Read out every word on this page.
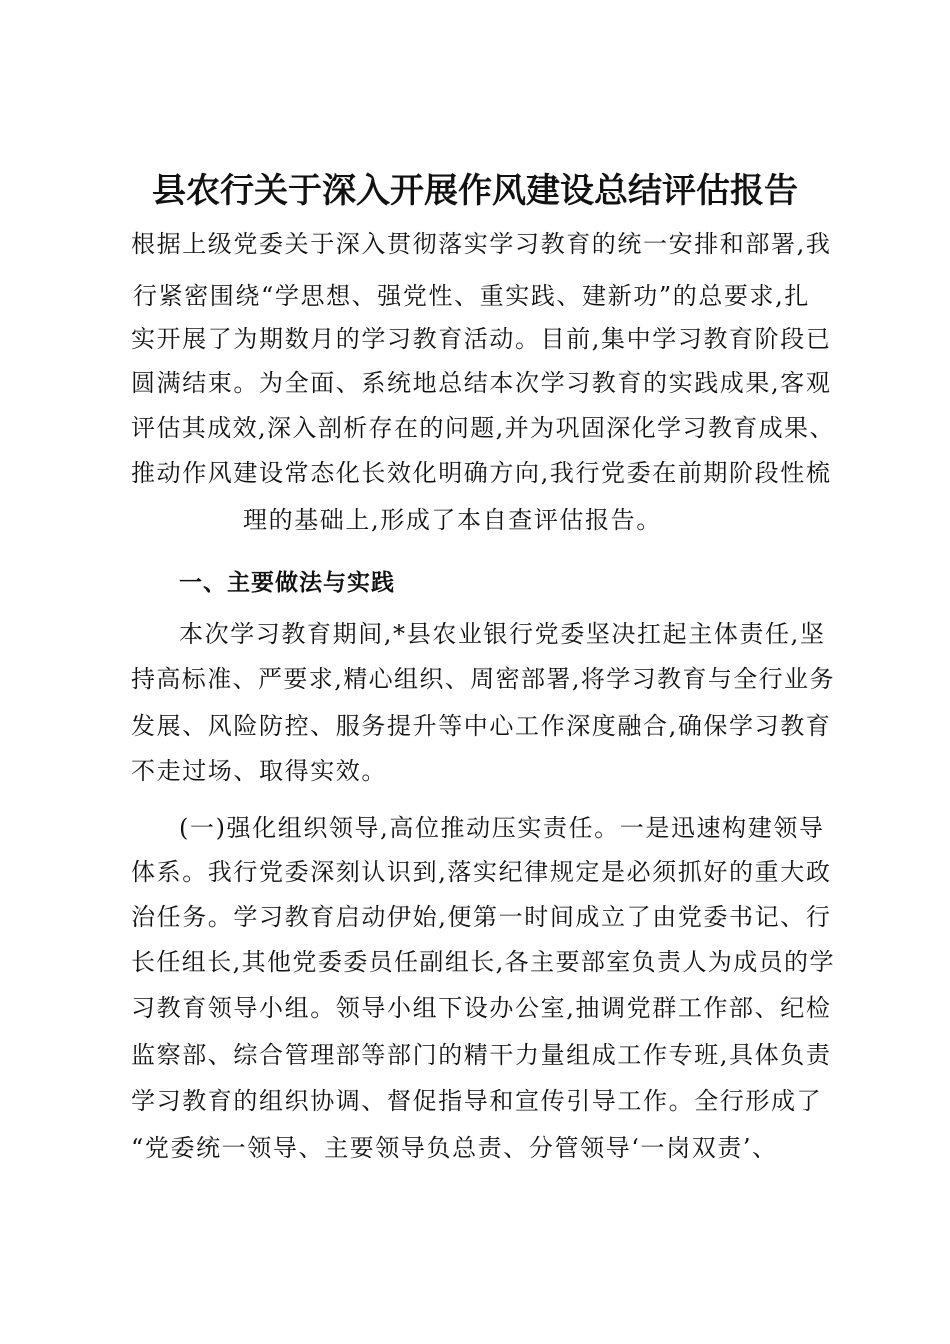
县农行关于深入开展作风建设总结评估报告

根据上级党委关于深入贯彻落实学习教育的统一安排和部署,我

行紧密围绕“学思想、强党性、重实践、建新功”的总要求,扎

实开展了为期数月的学习教育活动。目前,集中学习教育阶段已

圆满结束。为全面、系统地总结本次学习教育的实践成果,客观

评估其成效,深入剖析存在的问题,并为巩固深化学习教育成果、

推动作风建设常态化长效化明确方向,我行党委在前期阶段性梳

理的基础上,形成了本自查评估报告。

一、主要做法与实践

本次学习教育期间,*县农业银行党委坚决扛起主体责任,坚

持高标准、严要求,精心组织、周密部署,将学习教育与全行业务

发展、风险防控、服务提升等中心工作深度融合,确保学习教育

不走过场、取得实效。

(一)强化组织领导,高位推动压实责任。一是迅速构建领导

体系。我行党委深刻认识到,落实纪律规定是必须抓好的重大政

治任务。学习教育启动伊始,便第一时间成立了由党委书记、行

长任组长,其他党委委员任副组长,各主要部室负责人为成员的学

习教育领导小组。领导小组下设办公室,抽调党群工作部、纪检

监察部、综合管理部等部门的精干力量组成工作专班,具体负责

学习教育的组织协调、督促指导和宣传引导工作。全行形成了

“党委统一领导、主要领导负总责、分管领导‘一岗双责’、
